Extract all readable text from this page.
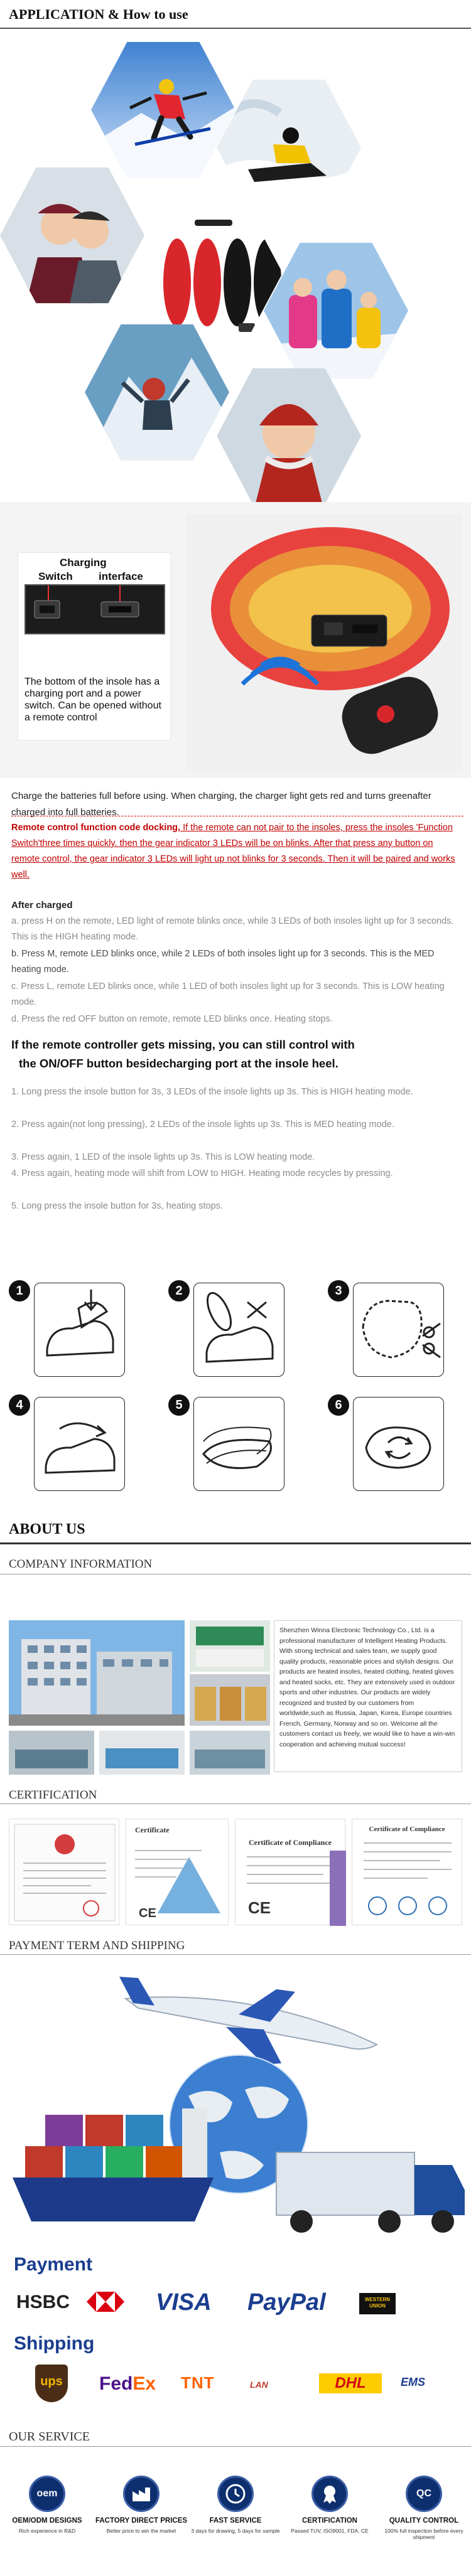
APPLICATION & How to use
Charging
Switch interface
The bottom of the insole has a charging port and a power switch. Can be opened without a remote control
Charge the batteries full before using. When charging, the charger light gets red and turns greenafter charged into full batteries.
Remote control function code docking, If the remote can not pair to the insoles, press the insoles 'Function Switch'three times quickly. then the gear indicator 3 LEDs will be on blinks. After that press any button on remote control, the gear indicator 3 LEDs will light up not blinks for 3 seconds. Then it will be paired and works well.
After charged
a. press H on the remote, LED light of remote blinks once, while 3 LEDs of both insoles light up for 3 seconds. This is the HIGH heating mode.
b. Press M, remote LED blinks once, while 2 LEDs of both insoles light up for 3 seconds. This is the MED heating mode.
c. Press L, remote LED blinks once, while 1 LED of both insoles light up for 3 seconds. This is LOW heating mode.
d. Press the red OFF button on remote, remote LED blinks once. Heating stops.
If the remote controller gets missing, you can still control with
the ON/OFF button besidecharging port at the insole heel.
1. Long press the insole button for 3s, 3 LEDs of the insole lights up 3s. This is HIGH heating mode.
2. Press again(not long pressing), 2 LEDs of the insole lights up 3s. This is MED heating mode.
3. Press again, 1 LED of the insole lights up 3s. This is LOW heating mode.
4. Press again, heating mode will shift from LOW to HIGH. Heating mode recycles by pressing.
5. Long press the insole button for 3s, heating stops.
1	2	3
4	5	6
ABOUT US
COMPANY INFORMATION
Shenzhen Winna Electronic Technology Co., Ltd. is a professional manufacturer of Intelligent Heating Products. With strong technical and sales team, we supply good quality products, reasonable prices and stylish designs. Our products are heated insoles, heated clothing, heated gloves and heated socks, etc. They are extensively used in outdoor sports and other industries. Our products are widely recognized and trusted by our customers from worldwide,such as Russia, Japan, Korea, Europe countries French, Germany, Norway and so on. Welcome all the customers contact us freely, we would like to have a win-win cooperation and achieving mutual success!
CERTIFICATION
Certificate
CE
Certificate of Compliance
CE
Certificate of Compliance
PAYMENT TERM AND SHIPPING
Payment
HSBC	VISA PayPal	WESTERN UNION
Shipping
ups FedEx TNT	LAN	DHL	EMS
OUR SERVICE
oem
OEM/ODM DESIGNS
Rich experience in R&D
FACTORY DIRECT PRICES
Better price to win the market
FAST SERVICE
3 days for drawing, 5 days for sample
CERTIFICATION
Passed TUV, ISO9001, FDA, CE
QC
QUALITY CONTROL
100% full inspection before every shipment
